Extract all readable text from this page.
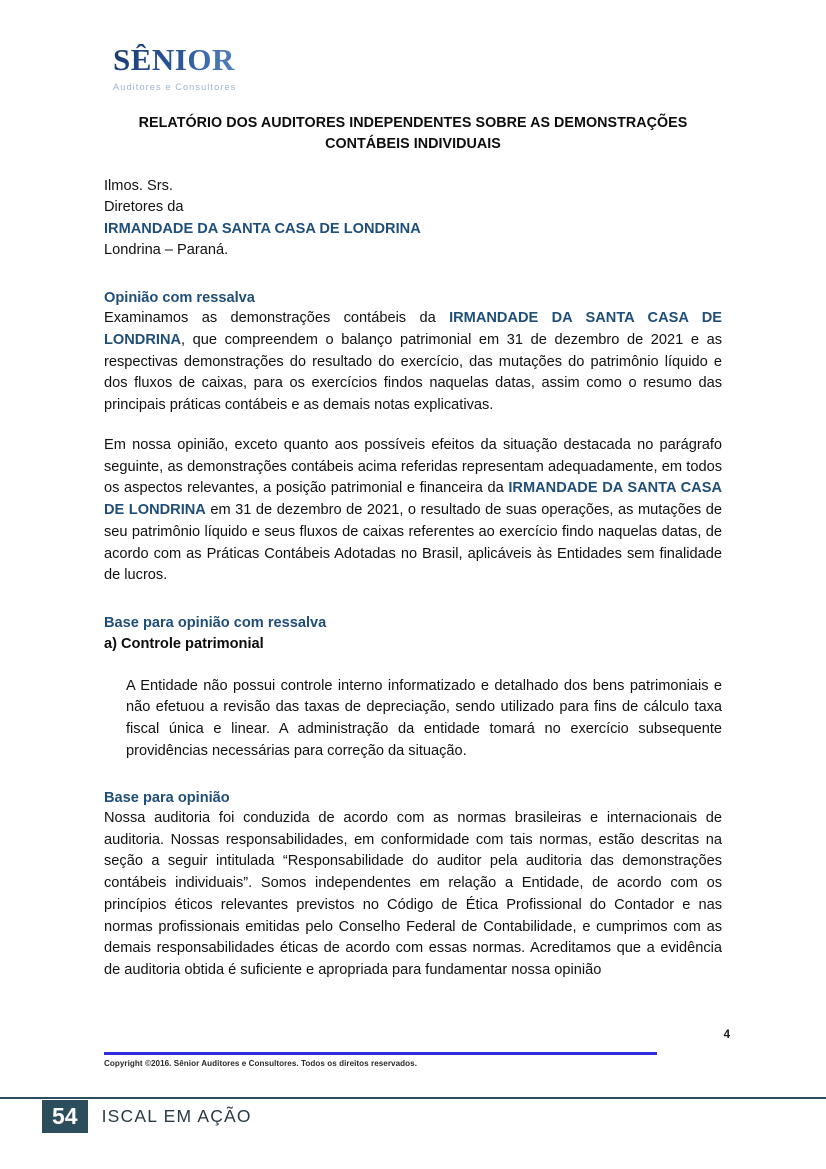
SÊNIOR
Auditores e Consultores
RELATÓRIO DOS AUDITORES INDEPENDENTES SOBRE AS DEMONSTRAÇÕES
CONTÁBEIS INDIVIDUAIS
Ilmos. Srs.
Diretores da
IRMANDADE DA SANTA CASA DE LONDRINA
Londrina – Paraná.
Opinião com ressalva

Examinamos as demonstrações contábeis da IRMANDADE DA SANTA CASA DE LONDRINA, que compreendem o balanço patrimonial em 31 de dezembro de 2021 e as respectivas demonstrações do resultado do exercício, das mutações do patrimônio líquido e dos fluxos de caixas, para os exercícios findos naquelas datas, assim como o resumo das principais práticas contábeis e as demais notas explicativas.

Em nossa opinião, exceto quanto aos possíveis efeitos da situação destacada no parágrafo seguinte, as demonstrações contábeis acima referidas representam adequadamente, em todos os aspectos relevantes, a posição patrimonial e financeira da IRMANDADE DA SANTA CASA DE LONDRINA em 31 de dezembro de 2021, o resultado de suas operações, as mutações de seu patrimônio líquido e seus fluxos de caixas referentes ao exercício findo naquelas datas, de acordo com as Práticas Contábeis Adotadas no Brasil, aplicáveis às Entidades sem finalidade de lucros.

Base para opinião com ressalva
a) Controle patrimonial

A Entidade não possui controle interno informatizado e detalhado dos bens patrimoniais e não efetuou a revisão das taxas de depreciação, sendo utilizado para fins de cálculo taxa fiscal única e linear. A administração da entidade tomará no exercício subsequente providências necessárias para correção da situação.

Base para opinião

Nossa auditoria foi conduzida de acordo com as normas brasileiras e internacionais de auditoria. Nossas responsabilidades, em conformidade com tais normas, estão descritas na seção a seguir intitulada “Responsabilidade do auditor pela auditoria das demonstrações contábeis individuais”. Somos independentes em relação a Entidade, de acordo com os princípios éticos relevantes previstos no Código de Ética Profissional do Contador e nas normas profissionais emitidas pelo Conselho Federal de Contabilidade, e cumprimos com as demais responsabilidades éticas de acordo com essas normas. Acreditamos que a evidência de auditoria obtida é suficiente e apropriada para fundamentar nossa opinião

4
Copyright ©2016. Sênior Auditores e Consultores. Todos os direitos reservados.
54	ISCAL EM AÇÃO
